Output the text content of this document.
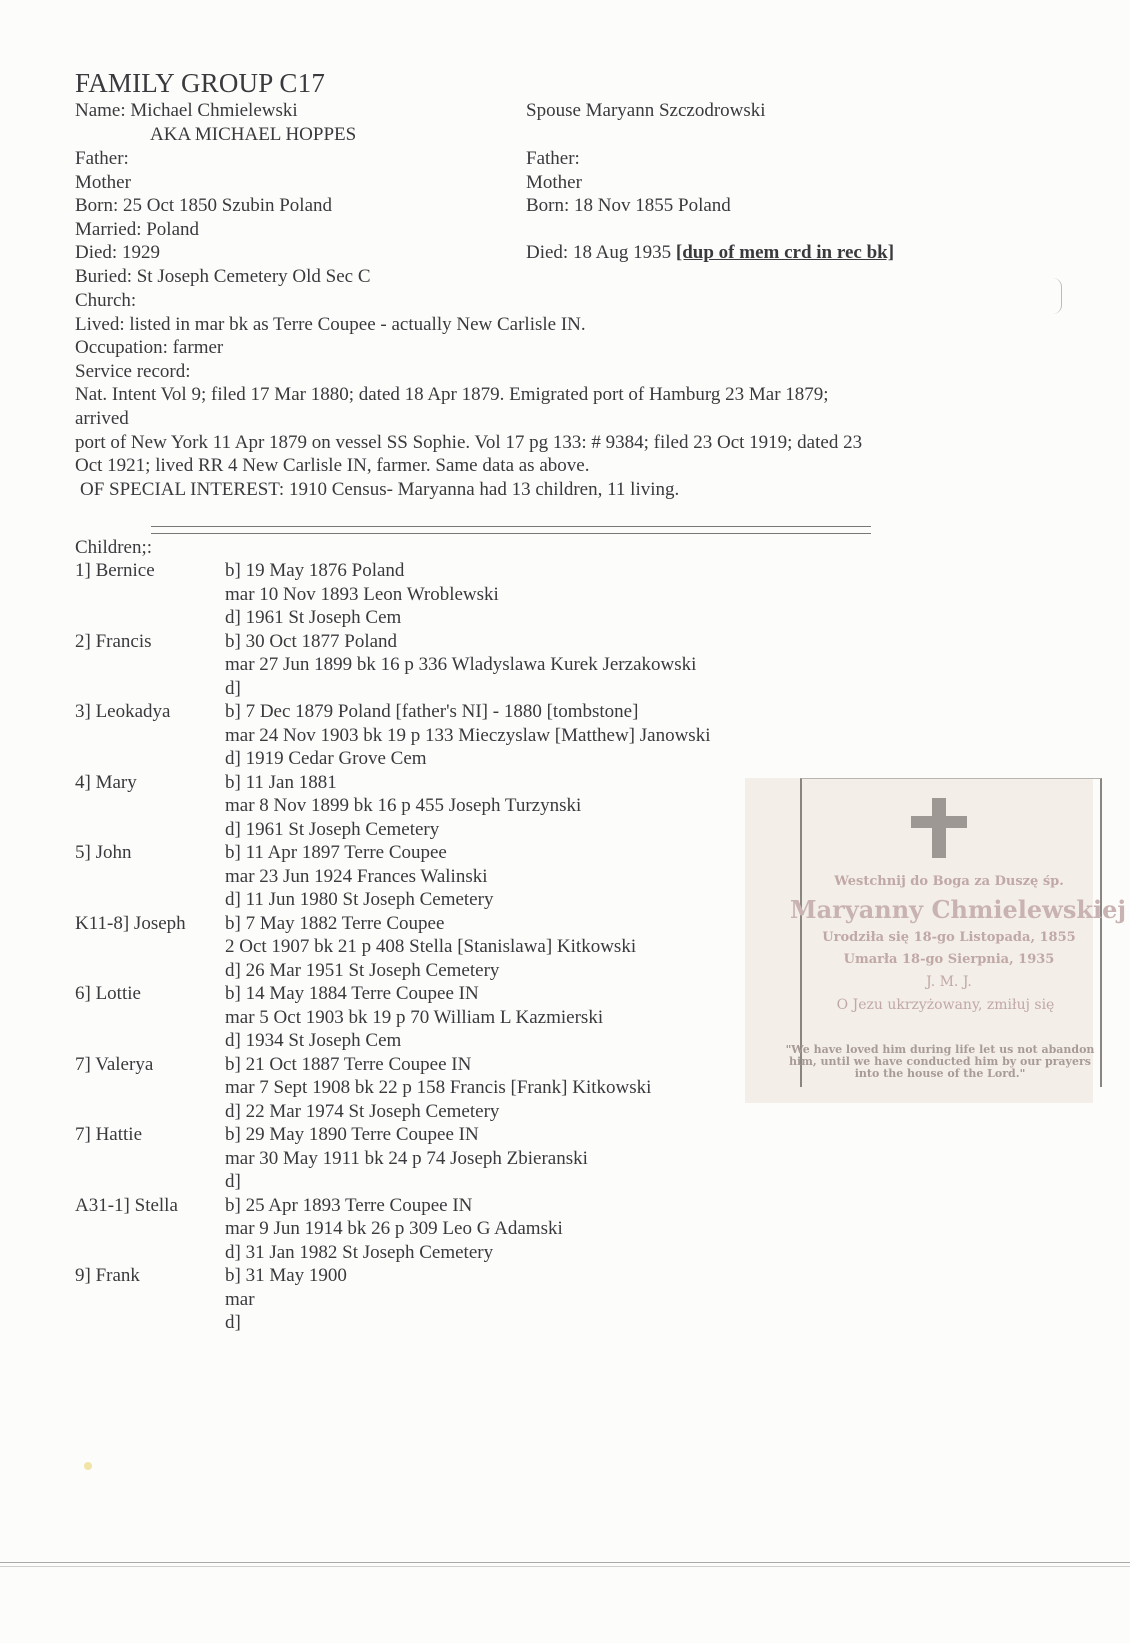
FAMILY GROUP C17
Name: Michael Chmielewski
AKA MICHAEL HOPPES
Father:
Mother
Born: 25 Oct 1850 Szubin Poland
Married: Poland
Died: 1929
Buried: St Joseph Cemetery Old Sec C
Church:
Lived: listed in mar bk as Terre Coupee - actually New Carlisle IN.
Occupation: farmer
Service record:
Nat. Intent Vol 9; filed 17 Mar 1880; dated 18 Apr 1879. Emigrated port of Hamburg 23 Mar 1879;
arrived
port of New York 11 Apr 1879 on vessel SS Sophie. Vol 17 pg 133: # 9384; filed 23 Oct 1919; dated 23
Oct 1921; lived RR 4 New Carlisle IN, farmer. Same data as above.
OF SPECIAL INTEREST: 1910 Census- Maryanna had 13 children, 11 living.
Spouse Maryann Szczodrowski
Father:
Mother
Born: 18 Nov 1855 Poland
Died: 18 Aug 1935 [dup of mem crd in rec bk]
Children;:
1] Bernice	b] 19 May 1876 Poland
mar 10 Nov 1893 Leon Wroblewski
d] 1961 St Joseph Cem
2] Francis	b] 30 Oct 1877 Poland
mar 27 Jun 1899 bk 16 p 336 Wladyslawa Kurek Jerzakowski
d]
3] Leokadya	b] 7 Dec 1879 Poland [father's NI] - 1880 [tombstone]
mar 24 Nov 1903 bk 19 p 133 Mieczyslaw [Matthew] Janowski
d] 1919 Cedar Grove Cem
4] Mary	b] 11 Jan 1881
mar 8 Nov 1899 bk 16 p 455 Joseph Turzynski
d] 1961 St Joseph Cemetery
5] John	b] 11 Apr 1897 Terre Coupee
mar 23 Jun 1924 Frances Walinski
d] 11 Jun 1980 St Joseph Cemetery
K11-8] Joseph b] 7 May 1882 Terre Coupee
2 Oct 1907 bk 21 p 408 Stella [Stanislawa] Kitkowski
d] 26 Mar 1951 St Joseph Cemetery
6] Lottie	b] 14 May 1884 Terre Coupee IN
mar 5 Oct 1903 bk 19 p 70 William L Kazmierski
d] 1934 St Joseph Cem
7] Valerya	b] 21 Oct 1887 Terre Coupee IN
mar 7 Sept 1908 bk 22 p 158 Francis [Frank] Kitkowski
d] 22 Mar 1974 St Joseph Cemetery
7] Hattie	b] 29 May 1890 Terre Coupee IN
mar 30 May 1911 bk 24 p 74 Joseph Zbieranski
d]
A31-1] Stella b] 25 Apr 1893 Terre Coupee IN
mar 9 Jun 1914 bk 26 p 309 Leo G Adamski
d] 31 Jan 1982 St Joseph Cemetery
9] Frank	b] 31 May 1900
mar
d]
Westchnij do Boga za Duszę śp.
Maryanny Chmielewskiej
Urodziła się 18-go Listopada, 1855
Umarła 18-go Sierpnia, 1935
J. M. J.
O Jezu ukrzyżowany, zmiłuj się
"We have loved him during life let us not abandon him, until we have conducted him by our prayers into the house of the Lord."
